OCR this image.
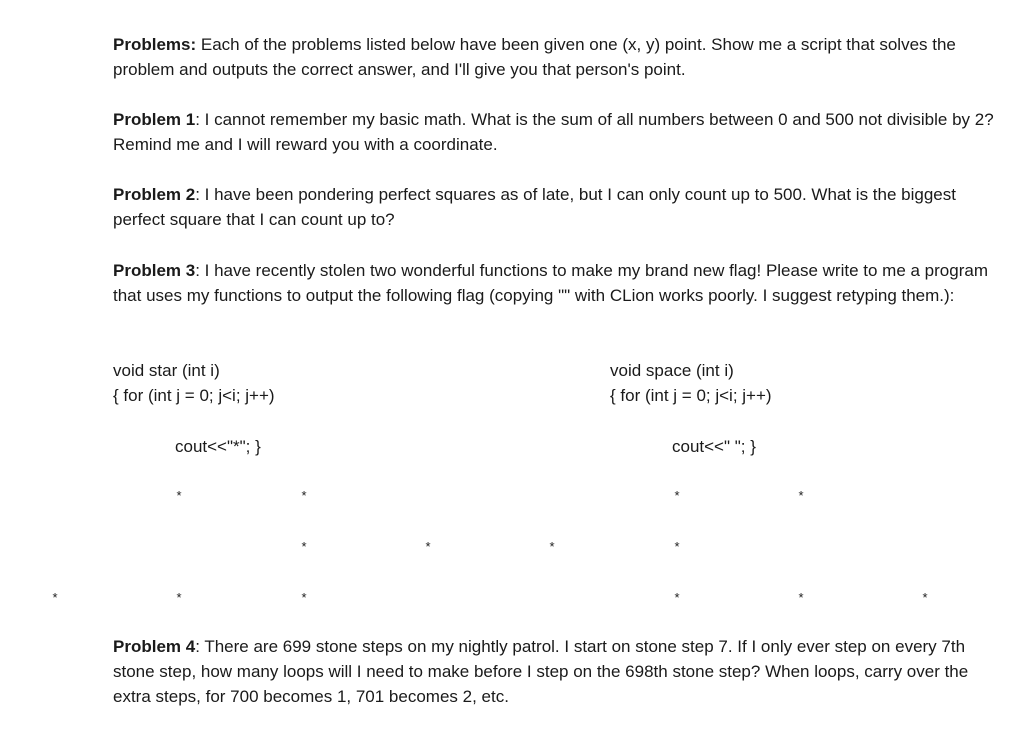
Problems: Each of the problems listed below have been given one (x, y) point. Show me a script that solves the problem and outputs the correct answer, and I'll give you that person's point.

Problem 1: I cannot remember my basic math. What is the sum of all numbers between 0 and 500 not divisible by 2? Remind me and I will reward you with a coordinate.

Problem 2: I have been pondering perfect squares as of late, but I can only count up to 500. What is the biggest perfect square that I can count up to?

Problem 3: I have recently stolen two wonderful functions to make my brand new flag! Please write to me a program that uses my functions to output the following flag (copying "" with CLion works poorly. I suggest retyping them.):

void star (int i)
{ for (int j = 0; j<i; j++)
cout<<"*"; }
void space (int i)
{ for (int j = 0; j<i; j++)
cout<<" "; }
*	*	*	*
*	*	*	*
*	*	*	*	*	*

Problem 4: There are 699 stone steps on my nightly patrol. I start on stone step 7. If I only ever step on every 7th stone step, how many loops will I need to make before I step on the 698th stone step? When loops, carry over the extra steps, for 700 becomes 1, 701 becomes 2, etc.
